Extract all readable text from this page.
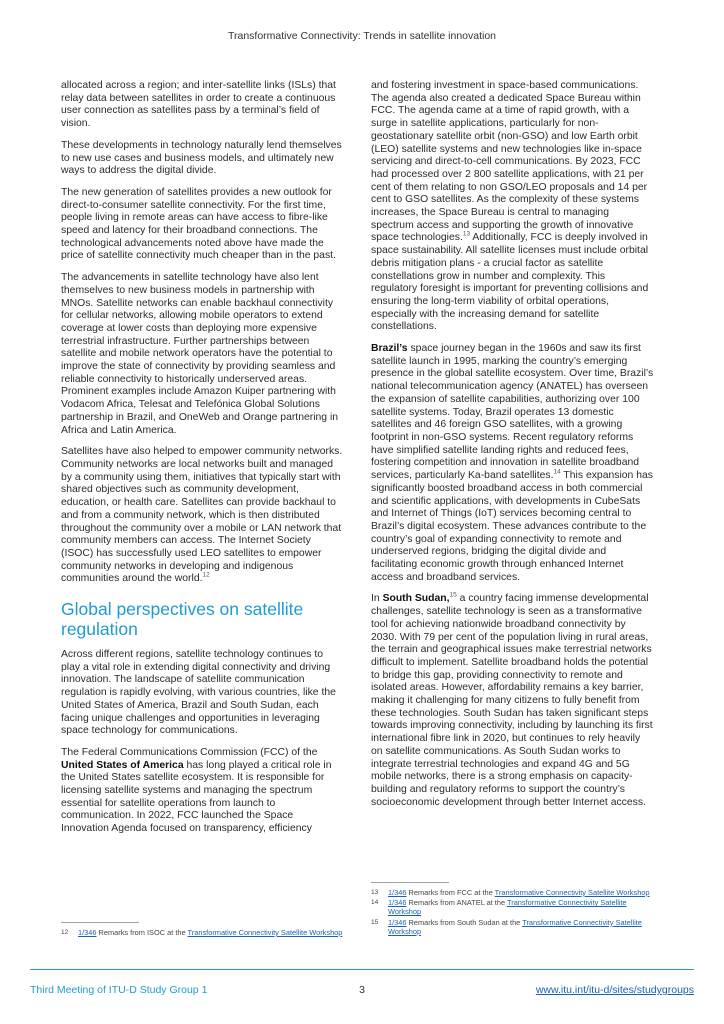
Transformative Connectivity: Trends in satellite innovation

allocated across a region; and inter-satellite links (ISLs) that relay data between satellites in order to create a continuous user connection as satellites pass by a terminal’s field of vision.

These developments in technology naturally lend themselves to new use cases and business models, and ultimately new ways to address the digital divide.

The new generation of satellites provides a new outlook for direct-to-consumer satellite connectivity. For the first time, people living in remote areas can have access to fibre-like speed and latency for their broadband connections. The technological advancements noted above have made the price of satellite connectivity much cheaper than in the past.

The advancements in satellite technology have also lent themselves to new business models in partnership with MNOs. Satellite networks can enable backhaul connectivity for cellular networks, allowing mobile operators to extend coverage at lower costs than deploying more expensive terrestrial infrastructure. Further partnerships between satellite and mobile network operators have the potential to improve the state of connectivity by providing seamless and reliable connectivity to historically underserved areas. Prominent examples include Amazon Kuiper partnering with Vodacom Africa, Telesat and Telefónica Global Solutions partnership in Brazil, and OneWeb and Orange partnering in Africa and Latin America.

Satellites have also helped to empower community networks. Community networks are local networks built and managed by a community using them, initiatives that typically start with shared objectives such as community development, education, or health care. Satellites can provide backhaul to and from a community network, which is then distributed throughout the community over a mobile or LAN network that community members can access. The Internet Society (ISOC) has successfully used LEO satellites to empower community networks in developing and indigenous communities around the world.$^{12}$

Global perspectives on satellite regulation

Across different regions, satellite technology continues to play a vital role in extending digital connectivity and driving innovation. The landscape of satellite communication regulation is rapidly evolving, with various countries, like the United States of America, Brazil and South Sudan, each facing unique challenges and opportunities in leveraging space technology for communications.

The Federal Communications Commission (FCC) of the United States of America has long played a critical role in the United States satellite ecosystem. It is responsible for licensing satellite systems and managing the spectrum essential for satellite operations from launch to communication. In 2022, FCC launched the Space Innovation Agenda focused on transparency, efficiency

and fostering investment in space-based communications. The agenda also created a dedicated Space Bureau within FCC. The agenda came at a time of rapid growth, with a surge in satellite applications, particularly for non-geostationary satellite orbit (non-GSO) and low Earth orbit (LEO) satellite systems and new technologies like in-space servicing and direct-to-cell communications. By 2023, FCC had processed over 2 800 satellite applications, with 21 per cent of them relating to non GSO/LEO proposals and 14 per cent to GSO satellites. As the complexity of these systems increases, the Space Bureau is central to managing spectrum access and supporting the growth of innovative space technologies.$^{13}$ Additionally, FCC is deeply involved in space sustainability. All satellite licenses must include orbital debris mitigation plans - a crucial factor as satellite constellations grow in number and complexity. This regulatory foresight is important for preventing collisions and ensuring the long-term viability of orbital operations, especially with the increasing demand for satellite constellations.

Brazil’s space journey began in the 1960s and saw its first satellite launch in 1995, marking the country’s emerging presence in the global satellite ecosystem. Over time, Brazil’s national telecommunication agency (ANATEL) has overseen the expansion of satellite capabilities, authorizing over 100 satellite systems. Today, Brazil operates 13 domestic satellites and 46 foreign GSO satellites, with a growing footprint in non-GSO systems. Recent regulatory reforms have simplified satellite landing rights and reduced fees, fostering competition and innovation in satellite broadband services, particularly Ka-band satellites.$^{14}$ This expansion has significantly boosted broadband access in both commercial and scientific applications, with developments in CubeSats and Internet of Things (IoT) services becoming central to Brazil’s digital ecosystem. These advances contribute to the country’s goal of expanding connectivity to remote and underserved regions, bridging the digital divide and facilitating economic growth through enhanced Internet access and broadband services.

In South Sudan,$^{15}$ a country facing immense developmental challenges, satellite technology is seen as a transformative tool for achieving nationwide broadband connectivity by 2030. With 79 per cent of the population living in rural areas, the terrain and geographical issues make terrestrial networks difficult to implement. Satellite broadband holds the potential to bridge this gap, providing connectivity to remote and isolated areas. However, affordability remains a key barrier, making it challenging for many citizens to fully benefit from these technologies. South Sudan has taken significant steps towards improving connectivity, including by launching its first international fibre link in 2020, but continues to rely heavily on satellite communications. As South Sudan works to integrate terrestrial technologies and expand 4G and 5G mobile networks, there is a strong emphasis on capacity-building and regulatory reforms to support the country’s socioeconomic development through better Internet access.

12	1/346 Remarks from ISOC at the Transformative Connectivity Satellite Workshop
13	1/346 Remarks from FCC at the Transformative Connectivity Satellite Workshop
14	1/346 Remarks from ANATEL at the Transformative Connectivity Satellite Workshop
15	1/346 Remarks from South Sudan at the Transformative Connectivity Satellite Workshop
Third Meeting of ITU-D Study Group 1	3	www.itu.int/itu-d/sites/studygroups
